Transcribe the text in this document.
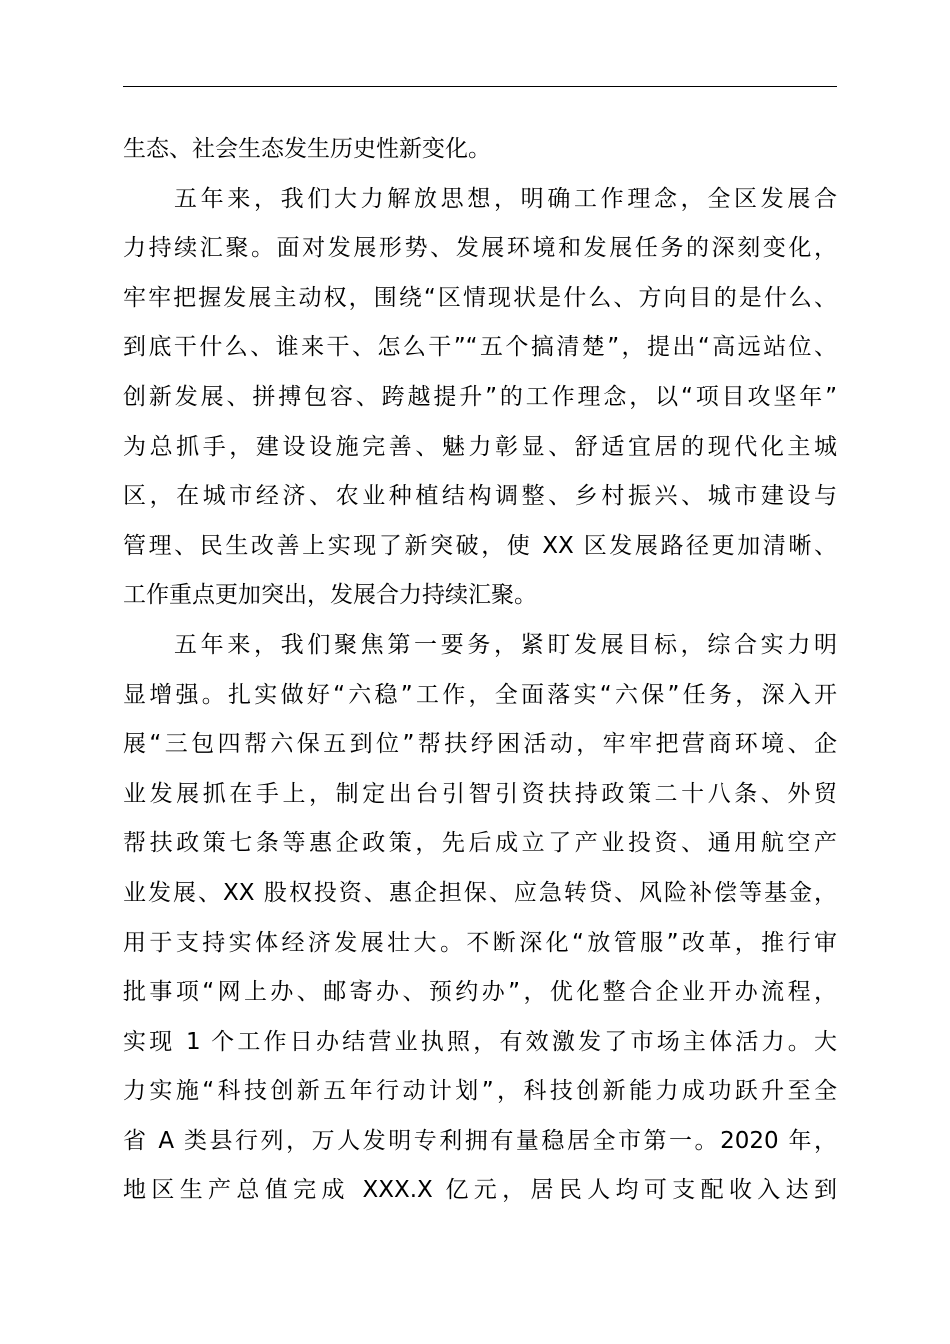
生态、社会生态发生历史性新变化。
五年来，我们大力解放思想，明确工作理念，全区发展合
力持续汇聚。面对发展形势、发展环境和发展任务的深刻变化，
牢牢把握发展主动权，围绕“区情现状是什么、方向目的是什么、
到底干什么、谁来干、怎么干”“五个搞清楚”，提出“高远站位、
创新发展、拼搏包容、跨越提升”的工作理念，以“项目攻坚年”
为总抓手，建设设施完善、魅力彰显、舒适宜居的现代化主城
区，在城市经济、农业种植结构调整、乡村振兴、城市建设与
管理、民生改善上实现了新突破，使 XX 区发展路径更加清晰、
工作重点更加突出，发展合力持续汇聚。
五年来，我们聚焦第一要务，紧盯发展目标，综合实力明
显增强。扎实做好“六稳”工作，全面落实“六保”任务，深入开
展“三包四帮六保五到位”帮扶纾困活动，牢牢把营商环境、企
业发展抓在手上，制定出台引智引资扶持政策二十八条、外贸
帮扶政策七条等惠企政策，先后成立了产业投资、通用航空产
业发展、XX 股权投资、惠企担保、应急转贷、风险补偿等基金，
用于支持实体经济发展壮大。不断深化“放管服”改革，推行审
批事项“网上办、邮寄办、预约办”，优化整合企业开办流程，
实现 1 个工作日办结营业执照，有效激发了市场主体活力。大
力实施“科技创新五年行动计划”，科技创新能力成功跃升至全
省 A 类县行列，万人发明专利拥有量稳居全市第一。2020 年，
地区生产总值完成 XXX.X 亿元，居民人均可支配收入达到
